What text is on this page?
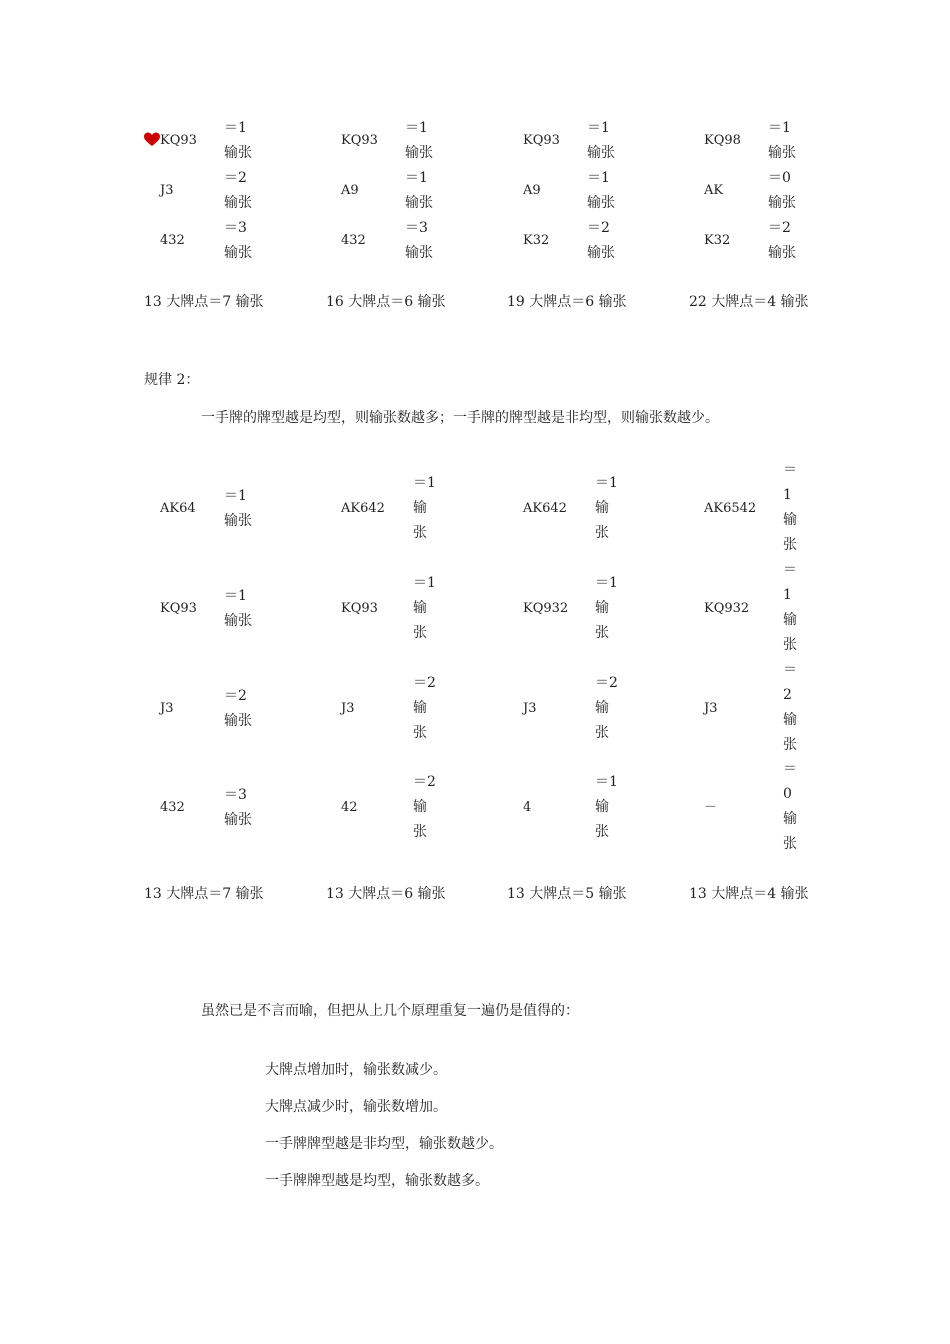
KQ93
＝1
输张
J3
＝2
输张
432
＝3
输张
13 大牌点＝7 输张
KQ93
＝1
输张
A9
＝1
输张
432
＝3
输张
16 大牌点＝6 输张
KQ93
＝1
输张
A9
＝1
输张
K32
＝2
输张
19 大牌点＝6 输张
KQ98
＝1
输张
AK
＝0
输张
K32
＝2
输张
22 大牌点＝4 输张
规律 2：
一手牌的牌型越是均型，则输张数越多；一手牌的牌型越是非均型，则输张数越少。
AK64
＝1
输张
KQ93
＝1
输张
J3
＝2
输张
432
＝3
输张
13 大牌点＝7 输张
AK642
＝1
输
张
KQ93
＝1
输
张
J3
＝2
输
张
42
＝2
输
张
13 大牌点＝6 输张
AK642
＝1
输
张
KQ932
＝1
输
张
J3
＝2
输
张
4
＝1
输
张
13 大牌点＝5 输张
AK6542
＝
1
输
张
KQ932
＝
1
输
张
J3
＝
2
输
张
－
＝
0
输
张
13 大牌点＝4 输张
虽然已是不言而喻，但把从上几个原理重复一遍仍是值得的：
大牌点增加时，输张数减少。
大牌点减少时，输张数增加。
一手牌牌型越是非均型，输张数越少。
一手牌牌型越是均型，输张数越多。
